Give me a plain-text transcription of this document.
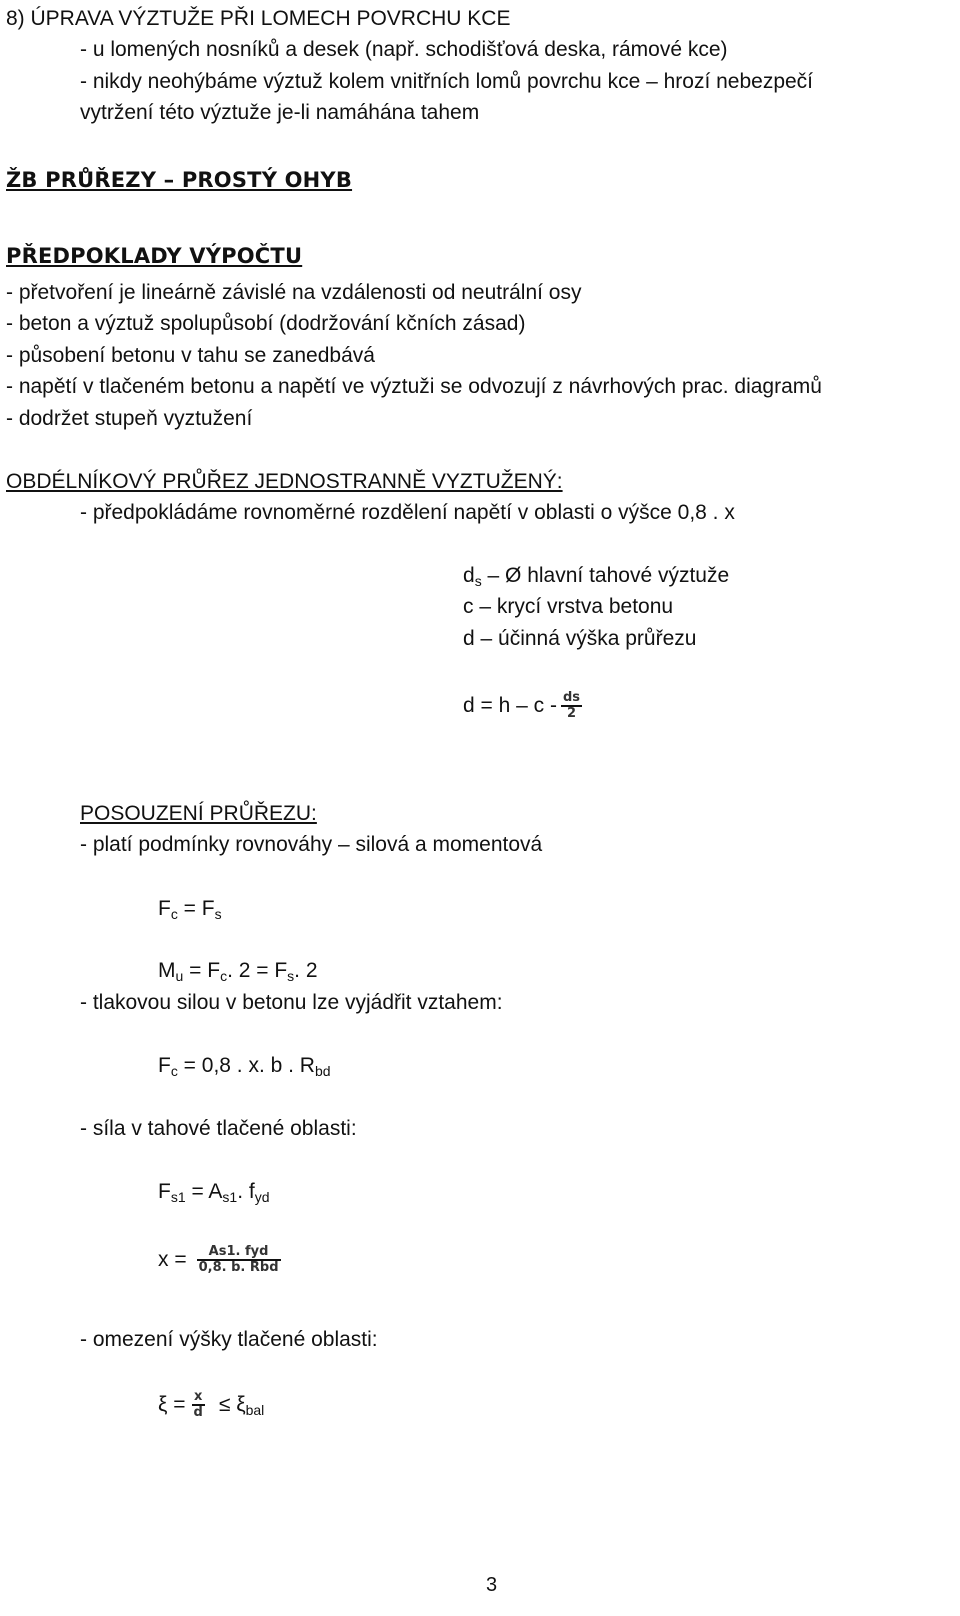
8) ÚPRAVA VÝZTUŽE PŘI LOMECH POVRCHU KCE
- u lomených nosníků a desek (např. schodišťová deska, rámové kce)
- nikdy neohýbáme výztuž kolem vnitřních lomů povrchu kce – hrozí nebezpečí
vytržení této výztuže je-li namáhána tahem
ŽB PRŮŘEZY – PROSTÝ OHYB
PŘEDPOKLADY VÝPOČTU
- přetvoření je lineárně závislé na vzdálenosti od neutrální osy
- beton a výztuž spolupůsobí (dodržování kčních zásad)
- působení betonu v tahu se zanedbává
- napětí v tlačeném betonu a napětí ve výztuži se odvozují z návrhových prac. diagramů
- dodržet stupeň vyztužení
OBDÉLNÍKOVÝ PRŮŘEZ JEDNOSTRANNĚ VYZTUŽENÝ:
- předpokládáme rovnoměrné rozdělení napětí v oblasti o výšce 0,8 . x
$d_s$ – Ø hlavní tahové výztuže
c – krycí vrstva betonu
d – účinná výška průřezu
$d = h - c - \frac{ds}{2}$
POSOUZENÍ PRŮŘEZU:
- platí podmínky rovnováhy – silová a momentová
$F_c = F_s$
$M_u = F_c$. $2 = F_s$. 2
- tlakovou silou v betonu lze vyjádřit vztahem:
$F_c = 0,8$ . x. b . $R_{bd}$
- síla v tahové tlačené oblasti:
$F_{s1} = A_{s1}$. $f_{yd}$
$x = \frac{\text{As1. fyd}}{\text{0,8. b. Rbd}}$
- omezení výšky tlačené oblasti:
$\xi = \frac{x}{d} \le \xi_{bal}$
3
